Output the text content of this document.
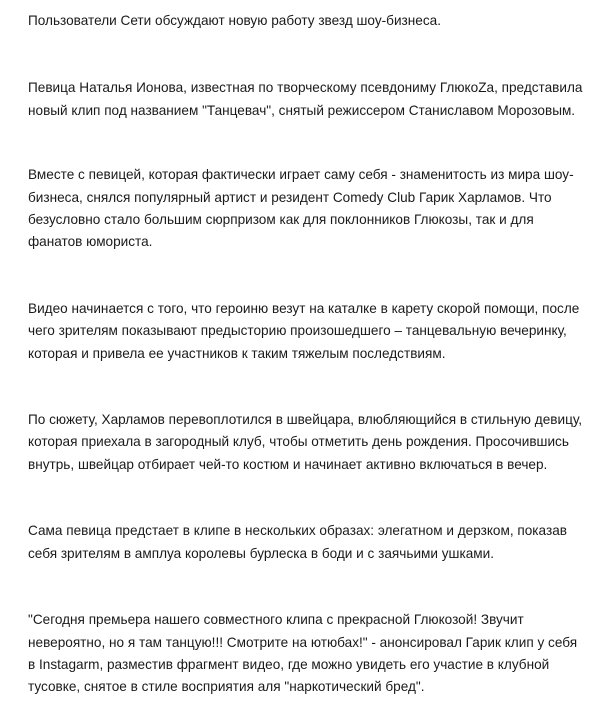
Пользователи Сети обсуждают новую работу звезд шоу-бизнеса.

Певица Наталья Ионова, известная по творческому псевдониму ГлюкоZa, представила
новый клип под названием "Танцевач", снятый режиссером Станиславом Морозовым.

Вместе с певицей, которая фактически играет саму себя - знаменитость из мира шоу-
бизнеса, снялся популярный артист и резидент Comedy Club Гарик Харламов. Что
безусловно стало большим сюрпризом как для поклонников Глюкозы, так и для
фанатов юмориста.

Видео начинается с того, что героиню везут на каталке в карету скорой помощи, после
чего зрителям показывают предысторию произошедшего – танцевальную вечеринку,
которая и привела ее участников к таким тяжелым последствиям.

По сюжету, Харламов перевоплотился в швейцара, влюбляющийся в стильную девицу,
которая приехала в загородный клуб, чтобы отметить день рождения. Просочившись
внутрь, швейцар отбирает чей-то костюм и начинает активно включаться в вечер.

Сама певица предстает в клипе в нескольких образах: элегатном и дерзком, показав
себя зрителям в амплуа королевы бурлеска в боди и с заячьими ушками.

"Сегодня премьера нашего совместного клипа с прекрасной Глюкозой! Звучит
невероятно, но я там танцую!!! Смотрите на ютюбах!" - анонсировал Гарик клип у себя
в Instagarm, разместив фрагмент видео, где можно увидеть его участие в клубной
тусовке, снятое в стиле восприятия аля "наркотический бред".
